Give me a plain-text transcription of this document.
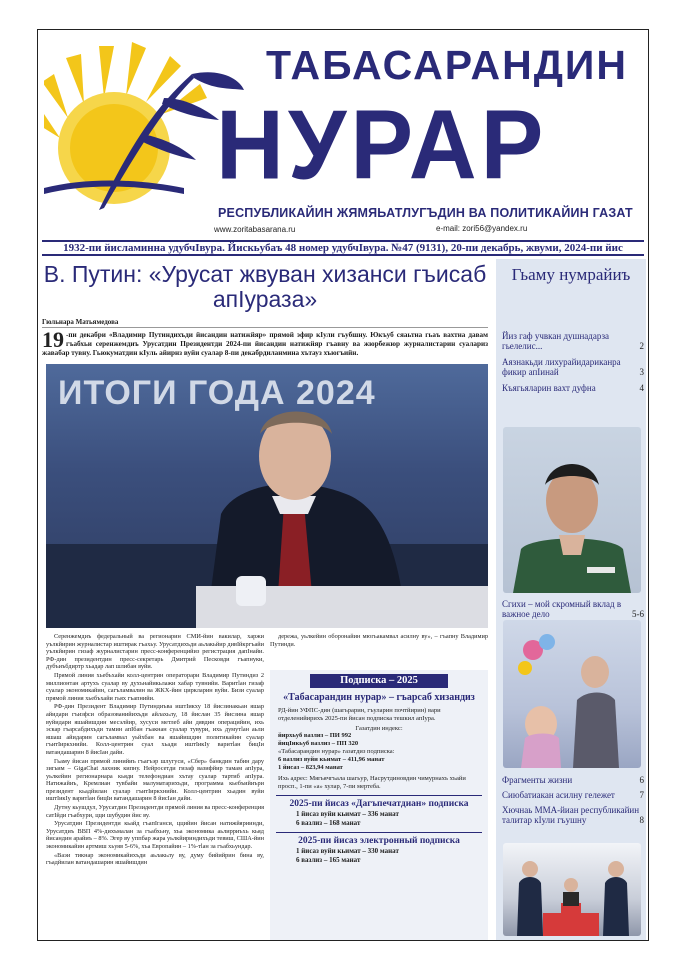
ТАБАСАРАНДИН
НУРАР
РЕСПУБЛИКАЙИН ЖЯМЯЬАТЛУГЪДИН ВА ПОЛИТИКАЙИН ГАЗАТ
www.zoritabasarana.ru	e-mail: zori56@yandex.ru
1932-пи йисламинна удубчIвура. Йискьубаъ 48 номер удубчIвура. №47 (9131), 20-пи декабрь, жвуми, 2024-пи йис
В. Путин: «Урусат жвуван хизанси гъисаб апIураза»
Гюльнара Матьямедова
19 -пи декабри «Владимир Путиндихъди йисандин натижйяр» прямой эфир кIули гъубшну. Юкъуб сяаьтна гьаъ вахтна давам гъабхьи серенжемдиъ Урусатдин Президентди 2024-пи йисандин натижйяр гъавну ва жюрбежюр журналистарин суалариз жавабар тувну. Гьюкуматдин кIуль айирнз вуйи суалар 8-пи декабрдиланмина хътауз хъюгъийн.
ИТОГИ ГОДА 2024

Серенжемдиъ федеральный ва регионарин СМИ-йин вакилар, харжи уълкйирин журналистар иштирак гъахьу. Урусатдихъди аьлакьйир дивIйкргъайи уълкйирин гизаф журналистарин пресс-конференцийиз регистрация дапIнайи. РФ-дин президентдин пресс-секретарь Дмитрий Песковди гъапнуки, дубъиъбдиртр хьадар лап шлибан вуйи.

Прямой линия хьебъхайи колл-центрин операторари Владимир Путиндиз 2 миллионтан артухъ суалар ву духънайикьлажи хабар тувнийи. Варитlан гизаф суалар экономикайин, сагъламвалин ва ЖКХ-йин циркларин вуйи. Бизи суалар прямой линия хьебъхайи гьях гъапнийи.

РФ-дин Президент Владимир Путиндиъва иштIикху 18 йисзинакьан яшар айидари гъизфси образованийихъди айлахьлу, 18 йислан 35 йисзина яшар вуйидари яшайишдин месэлйир, хусуси метлеб айи дявдин операцийин, ихь эскар гъарсабдихъди тамин апIбан гъакнан суалар тувури, ихь думутlан аьли яшаш айидарин сагъламвал уьйхбан ва яшайишдин политикайин суалар гъитIиркхнийи. Колл-центрин суал хьади иштIикIу варитlан бицIи ватандашарин 8 йисIан дайи.

Гьаму йисан прямой линийиъ гъагъэр шлугуси, «Сбер» банкдин табин дару зигьим – GigaChat лахник кипну. Нейросетди гизаф вазифйир тамам апIура, уьлкейин регионарнара кьяди телефондиан хътау суалар тартиб апIура. Натижайиъ, Кремлиан тувбайи малуматарихъди, программа кьебъийиъри президент кьадйилан суалар гъитIиркхнийи. Колл-центрин хьадин вуйи иштIикIу варитlан бицIи ватандашарин 8 йисIан дайи.

Дутну кьушдул, Урусатдин Президентди прямой линия ва пресс-конференция сатIйди гъабхури, цци шубудин йис ву.

Урусатдин Президентди кьайд гъапIганси, ццийин йисан натижйяриинди, Урусатдиъ ВВП 4%-дихъмалан за гъабхьну, хъа экономика аьлирриъхь кьяд йисандин арайиъ – 8%. Эгер ву уппбар жара уьлкйириндихъди тевиш, США-йин экономикайин артмиш хьуяв 5-6%, хъа Европайин – 1%-тlан за гъабхьундар.

«Ваэи тикнар экономикайихъди аьлакьлу ву, думу бийийрин бина ву, гъадйилан ватандашарин яшайишдин

дережа, уьлкейин оборонайин мюгьакамвал асилну ву», – гъапну Владимир Путинди.

Подписка – 2025
«Табасарандин нурар» – гъарсаб хизандиз
РД-йин УФПС-дин (шагьрарин, гъуларин почтйирин) вари отделенийирихъ 2025-пи йисан подписка тешкил апIура.
Газатдин индекс:
йирхьуб вазлиз – ПИ 992
йицIикьуб вазлиз – ПП 320
«Табасарандин нурар» газатдиз подписка:
6 вазлиз вуйи кьимат – 411,96 манат
1 йисаз – 823,94 манат
Ихь адрес: Мягьячгъала шагьур, Насрутдиновдин чимурнахъ хъайи просп., 1-пи «а» хулар, 7-пи мертеба.
2025-пи йисаз «Дагъпечатдиан» подписка
1 йисаз вуйи кьимат – 336 манат
6 вазлиз – 168 манат
2025-пи йисаз электронный подписка
1 йисаз вуйи кьимат – 330 манат
6 вазлиз – 165 манат
Гьаму нумрайиъ
Йиз гаф учвкан душнадарза гьелелис...	2
Аязнакьди лихурайидариканра фикир апIинай	3
Къягьяларин вахт дуфна	4
Сгихи – мой скромный вклад в важное дело	5-6
Фрагменты жизни	6
Сиюбатиакан асилну гележет	7
Хючнаь ММА-йиан республикайин талитар кIули гъушну	8
